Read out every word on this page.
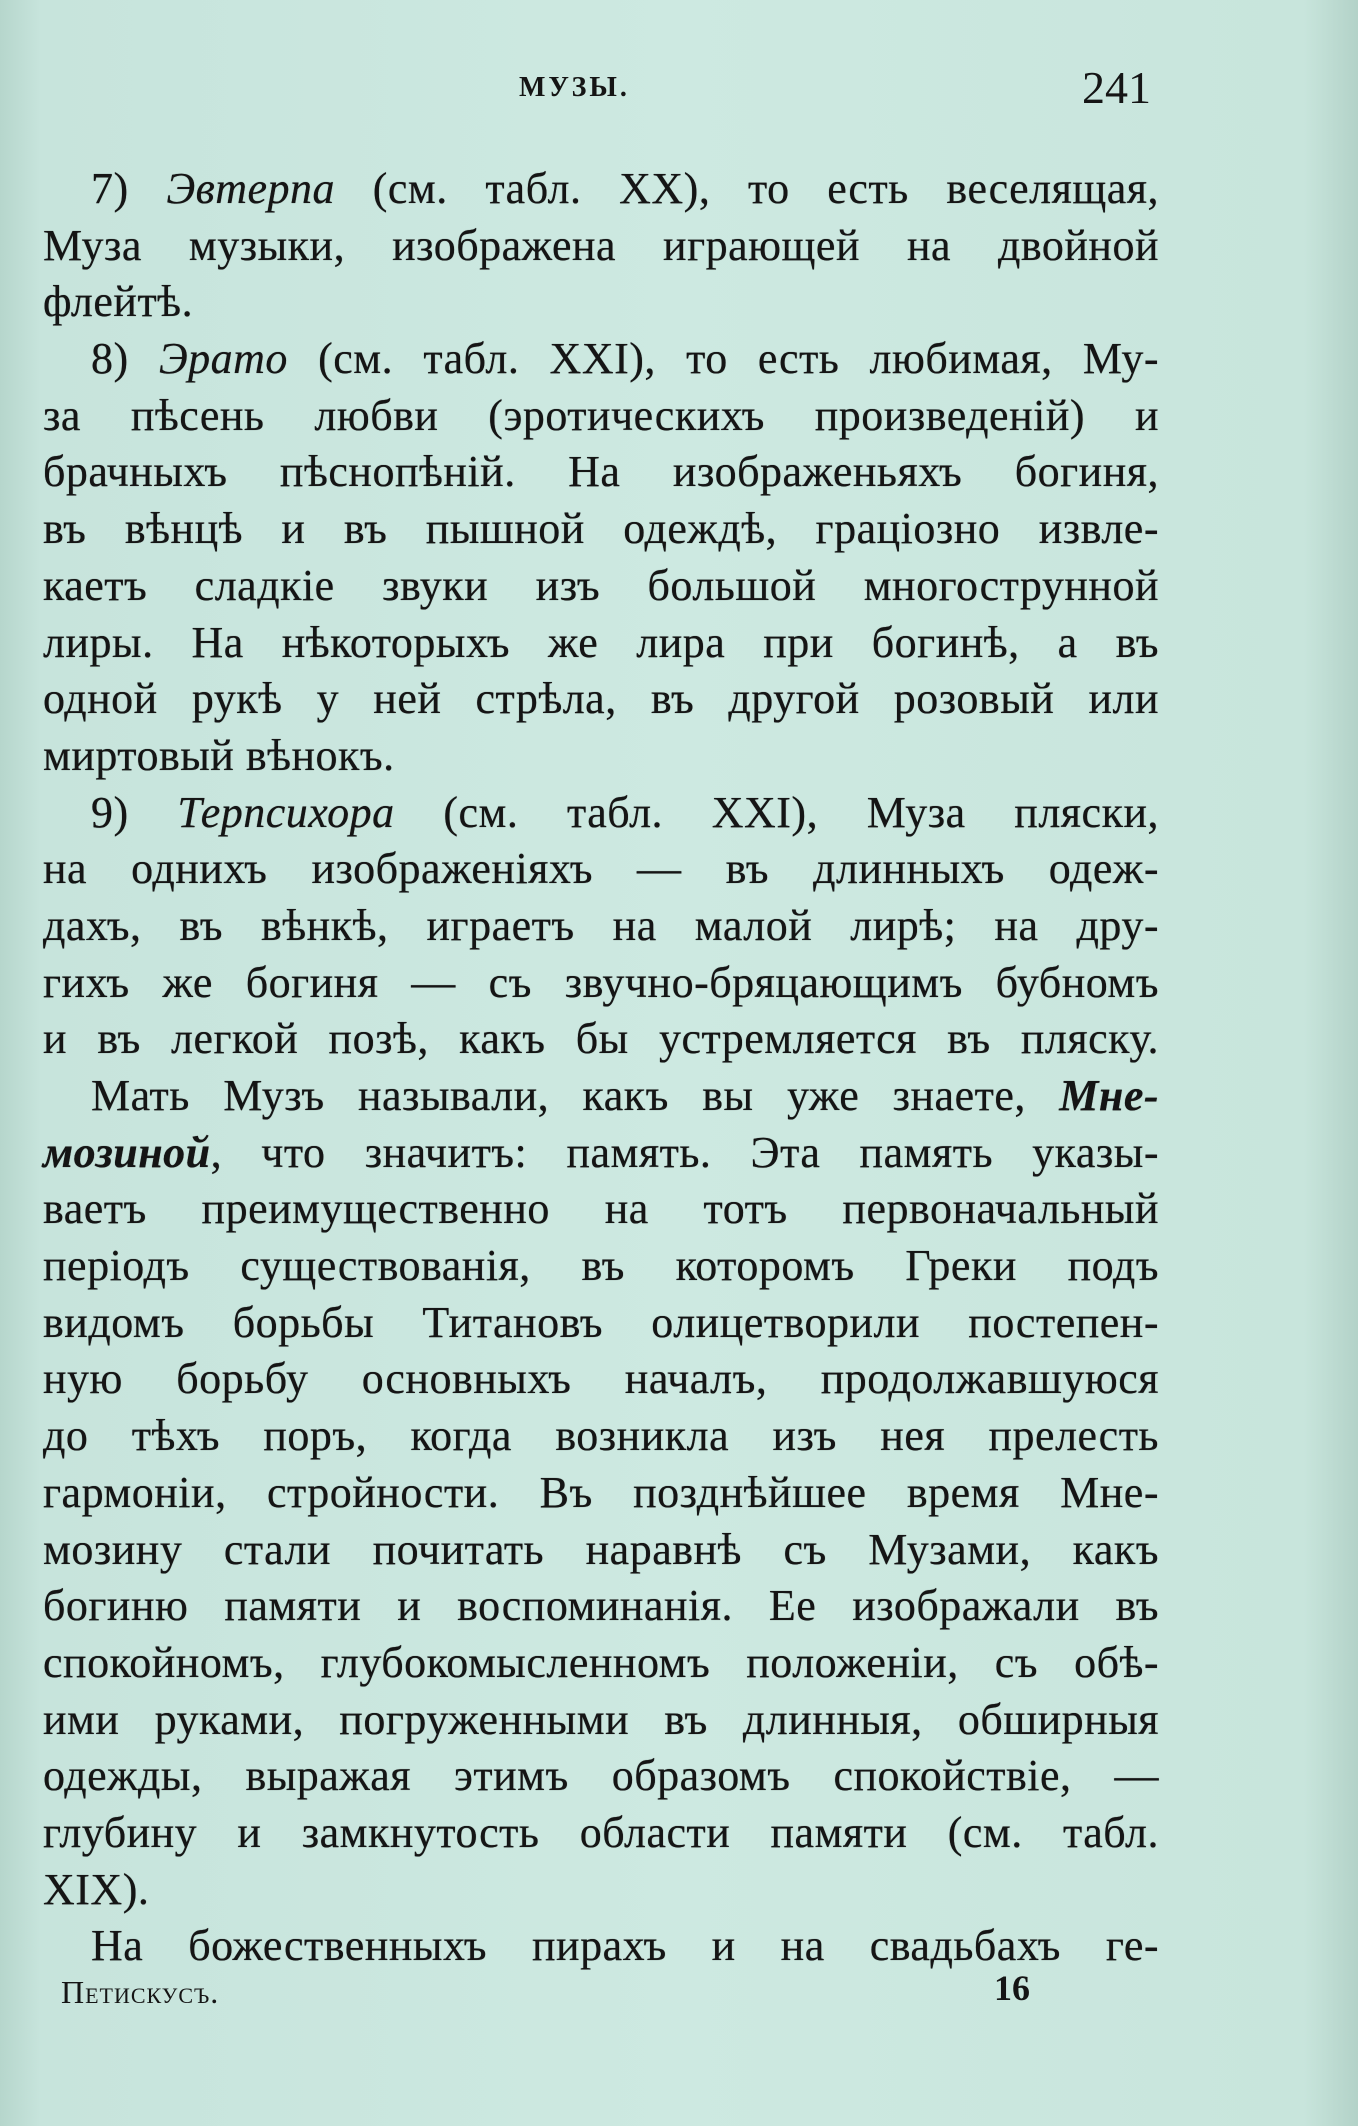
МУЗЫ.	241
7) Эвтерпа (см. табл. XX), то есть веселящая,
Муза музыки, изображена играющей на двойной
флейтѣ.
8) Эрато (см. табл. XXI), то есть любимая, Му-
за пѣсень любви (эротическихъ произведеній) и
брачныхъ пѣснопѣній. На изображеньяхъ богиня,
въ вѣнцѣ и въ пышной одеждѣ, граціозно извле-
каетъ сладкіе звуки изъ большой многострунной
лиры. На нѣкоторыхъ же лира при богинѣ, а въ
одной рукѣ у ней стрѣла, въ другой розовый или
миртовый вѣнокъ.
9) Терпсихора (см. табл. XXI), Муза пляски,
на однихъ изображеніяхъ — въ длинныхъ одеж-
дахъ, въ вѣнкѣ, играетъ на малой лирѣ; на дру-
гихъ же богиня — съ звучно-бряцающимъ бубномъ
и въ легкой позѣ, какъ бы устремляется въ пляску.
Мать Музъ называли, какъ вы уже знаете, Мне-
мозиной, что значитъ: память. Эта память указы-
ваетъ преимущественно на тотъ первоначальный
періодъ существованія, въ которомъ Греки подъ
видомъ борьбы Титановъ олицетворили постепен-
ную борьбу основныхъ началъ, продолжавшуюся
до тѣхъ поръ, когда возникла изъ нея прелесть
гармоніи, стройности. Въ позднѣйшее время Мне-
мозину стали почитать наравнѣ съ Музами, какъ
богиню памяти и воспоминанія. Ее изображали въ
спокойномъ, глубокомысленномъ положеніи, съ обѣ-
ими руками, погруженными въ длинныя, обширныя
одежды, выражая этимъ образомъ спокойствіе, —
глубину и замкнутость области памяти (см. табл.
XIX).
На божественныхъ пирахъ и на свадьбахъ ге-
Петискусъ.	16
